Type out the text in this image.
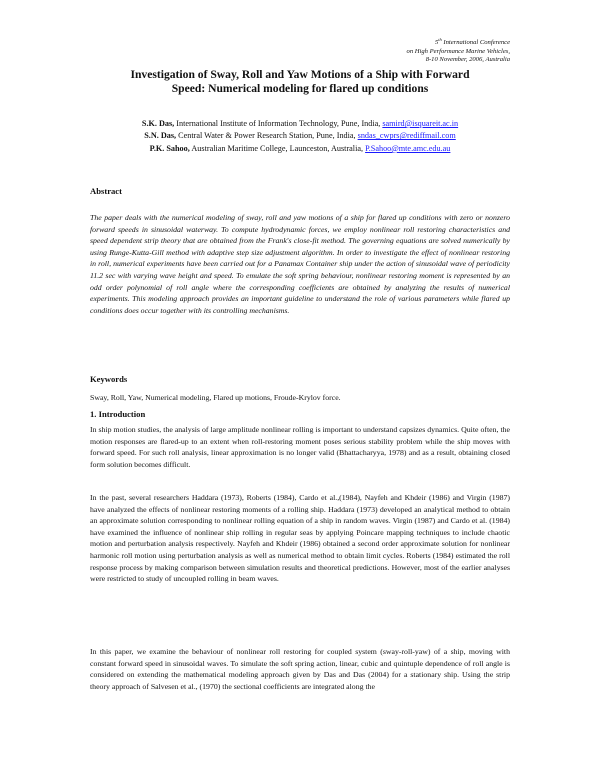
5th International Conference
on High Performance Marine Vehicles,
8-10 November, 2006, Australia
Investigation of Sway, Roll and Yaw Motions of a Ship with Forward
Speed: Numerical modeling for flared up conditions
S.K. Das, International Institute of Information Technology, Pune, India, samird@isquareit.ac.in
S.N. Das, Central Water & Power Research Station, Pune, India, sndas_cwprs@rediffmail.com
P.K. Sahoo, Australian Maritime College, Launceston, Australia, P.Sahoo@mte.amc.edu.au
Abstract
The paper deals with the numerical modeling of sway, roll and yaw motions of a ship for flared up conditions with zero or nonzero forward speeds in sinusoidal waterway. To compute hydrodynamic forces, we employ nonlinear roll restoring characteristics and speed dependent strip theory that are obtained from the Frank's close-fit method. The governing equations are solved numerically by using Runge-Kutta-Gill method with adaptive step size adjustment algorithm. In order to investigate the effect of nonlinear restoring in roll, numerical experiments have been carried out for a Panamax Container ship under the action of sinusoidal wave of periodicity 11.2 sec with varying wave height and speed. To emulate the soft spring behaviour, nonlinear restoring moment is represented by an odd order polynomial of roll angle where the corresponding coefficients are obtained by analyzing the results of numerical experiments. This modeling approach provides an important guideline to understand the role of various parameters while flared up conditions does occur together with its controlling mechanisms.
Keywords
Sway, Roll, Yaw, Numerical modeling, Flared up motions, Froude-Krylov force.
1. Introduction
In ship motion studies, the analysis of large amplitude nonlinear rolling is important to understand capsizes dynamics. Quite often, the motion responses are flared-up to an extent when roll-restoring moment poses serious stability problem while the ship moves with forward speed. For such roll analysis, linear approximation is no longer valid (Bhattacharyya, 1978) and as a result, obtaining closed form solution becomes difficult.
In the past, several researchers Haddara (1973), Roberts (1984), Cardo et al.,(1984), Nayfeh and Khdeir (1986) and Virgin (1987) have analyzed the effects of nonlinear restoring moments of a rolling ship. Haddara (1973) developed an analytical method to obtain an approximate solution corresponding to nonlinear rolling equation of a ship in random waves. Virgin (1987) and Cardo et al. (1984) have examined the influence of nonlinear ship rolling in regular seas by applying Poincare mapping techniques to include chaotic motion and perturbation analysis respectively. Nayfeh and Khdeir (1986) obtained a second order approximate solution for nonlinear harmonic roll motion using perturbation analysis as well as numerical method to obtain limit cycles. Roberts (1984) estimated the roll response process by making comparison between simulation results and theoretical predictions. However, most of the earlier analyses were restricted to study of uncoupled rolling in beam waves.
In this paper, we examine the behaviour of nonlinear roll restoring for coupled system (sway-roll-yaw) of a ship, moving with constant forward speed in sinusoidal waves. To simulate the soft spring action, linear, cubic and quintuple dependence of roll angle is considered on extending the mathematical modeling approach given by Das and Das (2004) for a stationary ship. Using the strip theory approach of Salvesen et al., (1970) the sectional coefficients are integrated along the
